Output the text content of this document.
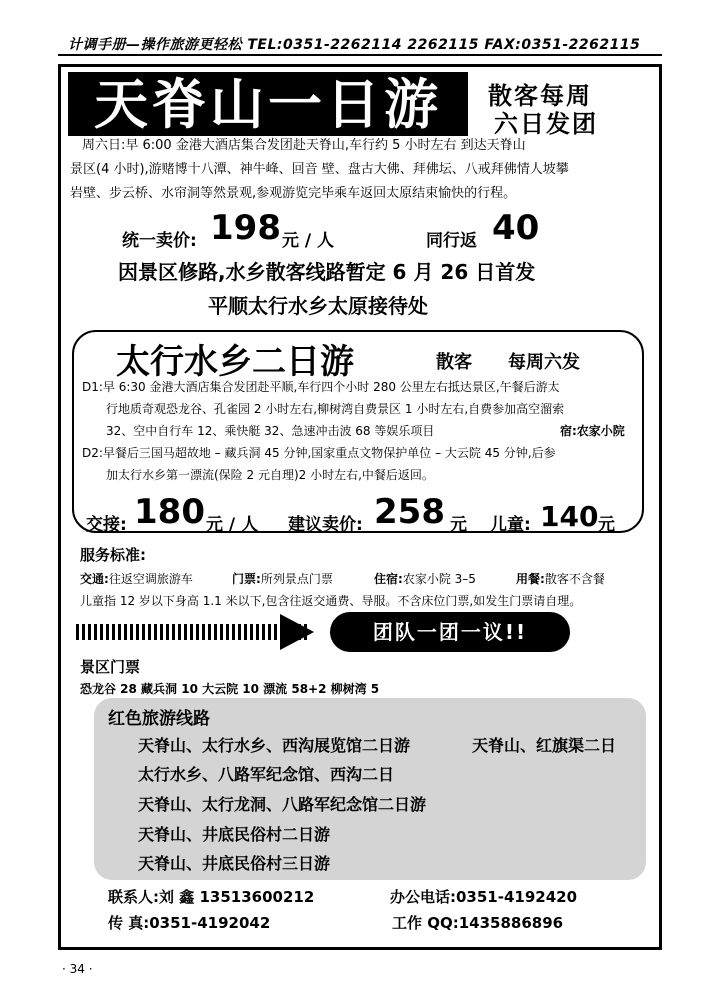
计调手册—操作旅游更轻松 TEL:0351-2262114 2262115 FAX:0351-2262115
天脊山一日游	散客每周
六日发团
周六日:早 6:00 金港大酒店集合发团赴天脊山,车行约 5 小时左右 到达天脊山
景区(4 小时),游赌博十八潭、神牛峰、回音 壁、盘古大佛、拜佛坛、八戒拜佛情人坡攀
岩壁、步云桥、水帘洞等然景观,参观游览完毕乘车返回太原结束愉快的行程。
统一卖价: 198 元 / 人	同行返 40
因景区修路,水乡散客线路暂定 6 月 26 日首发
平顺太行水乡太原接待处
太行水乡二日游	散客 每周六发
D1:早 6:30 金港大酒店集合发团赴平顺,车行四个小时 280 公里左右抵达景区,午餐后游太
行地质奇观恐龙谷、孔雀园 2 小时左右,柳树湾自费景区 1 小时左右,自费参加高空溜索
32、空中自行车 12、乘快艇 32、急速冲击波 68 等娱乐项目	宿:农家小院
D2:早餐后三国马超故地 – 藏兵洞 45 分钟,国家重点文物保护单位 – 大云院 45 分钟,后参
加太行水乡第一漂流(保险 2 元自理)2 小时左右,中餐后返回。
交接: 180 元 / 人 建议卖价: 258 元 儿童: 140 元
服务标准:
交通:往返空调旅游车	门票:所列景点门票	住宿:农家小院 3–5	用餐:散客不含餐
儿童指 12 岁以下身高 1.1 米以下,包含往返交通费、导服。不含床位门票,如发生门票请自理。
团队一团一议!!
景区门票
恐龙谷 28 藏兵洞 10 大云院 10 漂流 58+2 柳树湾 5
红色旅游线路
天脊山、太行水乡、西沟展览馆二日游	天脊山、红旗渠二日
太行水乡、八路军纪念馆、西沟二日
天脊山、太行龙洞、八路军纪念馆二日游
天脊山、井底民俗村二日游
天脊山、井底民俗村三日游
联系人:刘 鑫 13513600212	办公电话:0351-4192420
传 真:0351-4192042	工作 QQ:1435886896
· 34 ·
